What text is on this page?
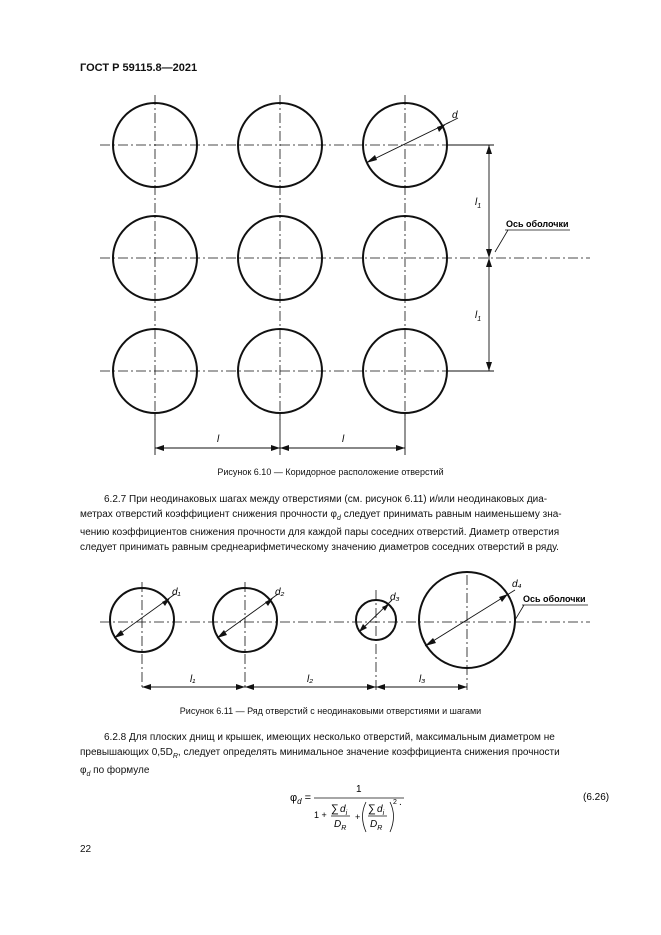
ГОСТ Р 59115.8—2021
d
$l_1$
$l_1$
Ось оболочки
l	l
Рисунок 6.10 — Коридорное расположение отверстий
6.2.7 При неодинаковых шагах между отверстиями (см. рисунок 6.11) и/или неодинаковых диа-
метрах отверстий коэффициент снижения прочности $\varphi_d$ следует принимать равным наименьшему зна-
чению коэффициентов снижения прочности для каждой пары соседних отверстий. Диаметр отверстия
следует принимать равным среднеарифметическому значению диаметров соседних отверстий в ряду.
d₁	d₂	d₃
d₄
Ось оболочки
l₁	l₂	l₃
Рисунок 6.11 — Ряд отверстий с неодинаковыми отверстиями и шагами
6.2.8 Для плоских днищ и крышек, имеющих несколько отверстий, максимальным диаметром не
превышающих $0,5D_R$, следует определять минимальное значение коэффициента снижения прочности
$\varphi_d$ по формуле
$\varphi_d$ =
1
1 + ∑ $d_i$
$D_R$
+
∑ $d_i$
$D_R$
2 .	(6.26)
22
